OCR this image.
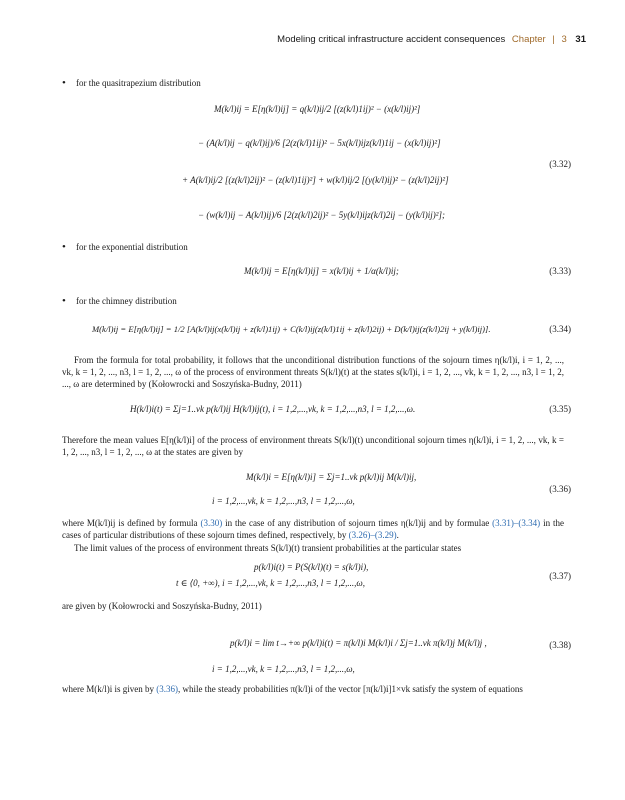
Modeling critical infrastructure accident consequences Chapter | 3 31
• for the quasitrapezium distribution
M(k/l)ij = E[η(k/l)ij] = q(k/l)ij/2 [(z(k/l)1ij)² − (x(k/l)ij)²]
− (A(k/l)ij − q(k/l)ij)/6 [2(z(k/l)1ij)² − 5x(k/l)ijz(k/l)1ij − (x(k/l)ij)²]
+ A(k/l)ij/2 [(z(k/l)2ij)² − (z(k/l)1ij)²] + w(k/l)ij/2 [(y(k/l)ij)² − (z(k/l)2ij)²]
− (w(k/l)ij − A(k/l)ij)/6 [2(z(k/l)2ij)² − 5y(k/l)ijz(k/l)2ij − (y(k/l)ij)²];
(3.32)
• for the exponential distribution
M(k/l)ij = E[η(k/l)ij] = x(k/l)ij + 1/α(k/l)ij;	(3.33)
• for the chimney distribution
M(k/l)ij = E[η(k/l)ij] = 1/2 [A(k/l)ij(x(k/l)ij + z(k/l)1ij) + C(k/l)ij(z(k/l)1ij + z(k/l)2ij) + D(k/l)ij(z(k/l)2ij + y(k/l)ij)].	(3.34)
From the formula for total probability, it follows that the unconditional distribution functions of the sojourn times η(k/l)i, i = 1, 2, ..., vk, k = 1, 2, ..., n3, l = 1, 2, ..., ω of the process of environment threats S(k/l)(t) at the states s(k/l)i, i = 1, 2, ..., vk, k = 1, 2, ..., n3, l = 1, 2, ..., ω are determined by (Kołowrocki and Soszyńska-Budny, 2011)
H(k/l)i(t) = Σj=1..vk p(k/l)ij H(k/l)ij(t), i = 1,2,...,vk, k = 1,2,...,n3, l = 1,2,...,ω.	(3.35)
Therefore the mean values E[η(k/l)i] of the process of environment threats S(k/l)(t) unconditional sojourn times η(k/l)i, i = 1, 2, ..., vk, k = 1, 2, ..., n3, l = 1, 2, ..., ω at the states are given by
M(k/l)i = E[η(k/l)i] = Σj=1..vk p(k/l)ij M(k/l)ij,
i = 1,2,...,vk, k = 1,2,...,n3, l = 1,2,...,ω,
(3.36)
where M(k/l)ij is defined by formula (3.30) in the case of any distribution of sojourn times η(k/l)ij and by formulae (3.31)–(3.34) in the cases of particular distributions of these sojourn times defined, respectively, by (3.26)–(3.29).
The limit values of the process of environment threats S(k/l)(t) transient probabilities at the particular states
p(k/l)i(t) = P(S(k/l)(t) = s(k/l)i),
t ∈ ⟨0, +∞), i = 1,2,...,vk, k = 1,2,...,n3, l = 1,2,...,ω,
(3.37)
are given by (Kołowrocki and Soszyńska-Budny, 2011)
p(k/l)i = lim t→+∞ p(k/l)i(t) = π(k/l)i M(k/l)i / Σj=1..vk π(k/l)j M(k/l)j ,
i = 1,2,...,vk, k = 1,2,...,n3, l = 1,2,...,ω,
(3.38)
where M(k/l)i is given by (3.36), while the steady probabilities π(k/l)i of the vector [π(k/l)i]1×vk satisfy the system of equations
